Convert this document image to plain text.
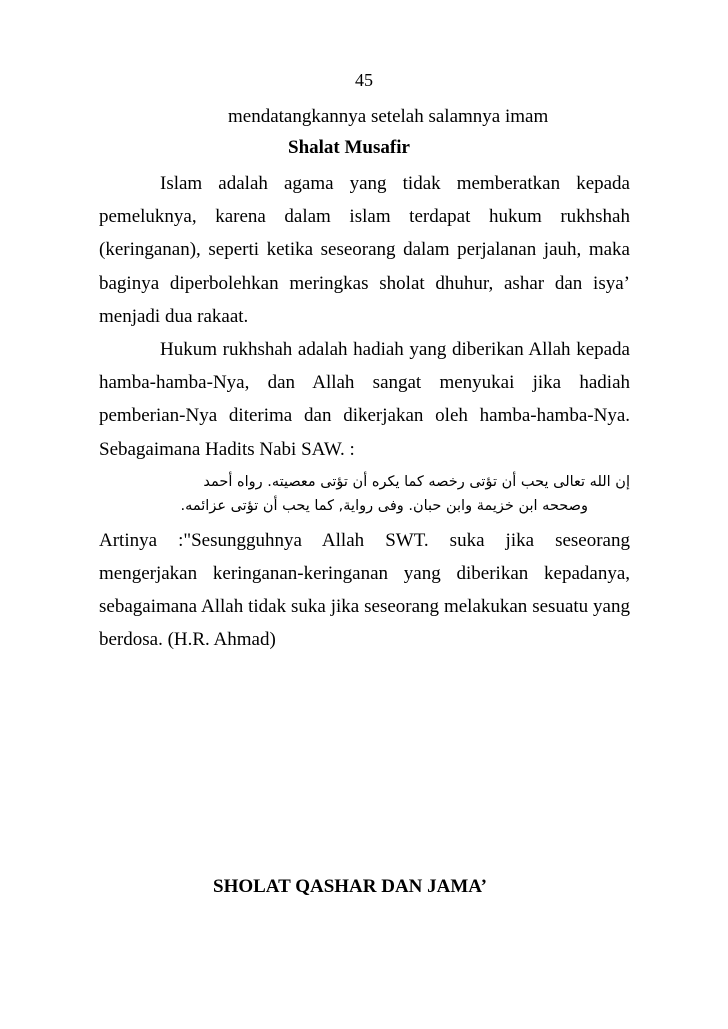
45
mendatangkannya setelah salamnya imam
Shalat Musafir

Islam adalah agama yang tidak memberatkan kepada pemeluknya, karena dalam islam terdapat hukum rukhshah (keringanan), seperti ketika seseorang dalam perjalanan jauh, maka baginya diperbolehkan meringkas sholat dhuhur, ashar dan isya’ menjadi dua rakaat.

Hukum rukhshah adalah hadiah yang diberikan Allah kepada hamba-hamba-Nya, dan Allah sangat menyukai jika hadiah pemberian-Nya diterima dan dikerjakan oleh hamba-hamba-Nya. Sebagaimana Hadits Nabi SAW. :

إن الله تعالى يحب أن تؤتى رخصه كما يكره أن تؤتى معصيته. رواه أحمد

وصححه ابن خزيمة وابن حبان. وفى رواية, كما يحب أن تؤتى عزائمه.

Artinya :"Sesungguhnya Allah SWT. suka jika seseorang mengerjakan keringanan-keringanan yang diberikan kepadanya, sebagaimana Allah tidak suka jika seseorang melakukan sesuatu yang berdosa. (H.R. Ahmad)

SHOLAT QASHAR DAN JAMA’
